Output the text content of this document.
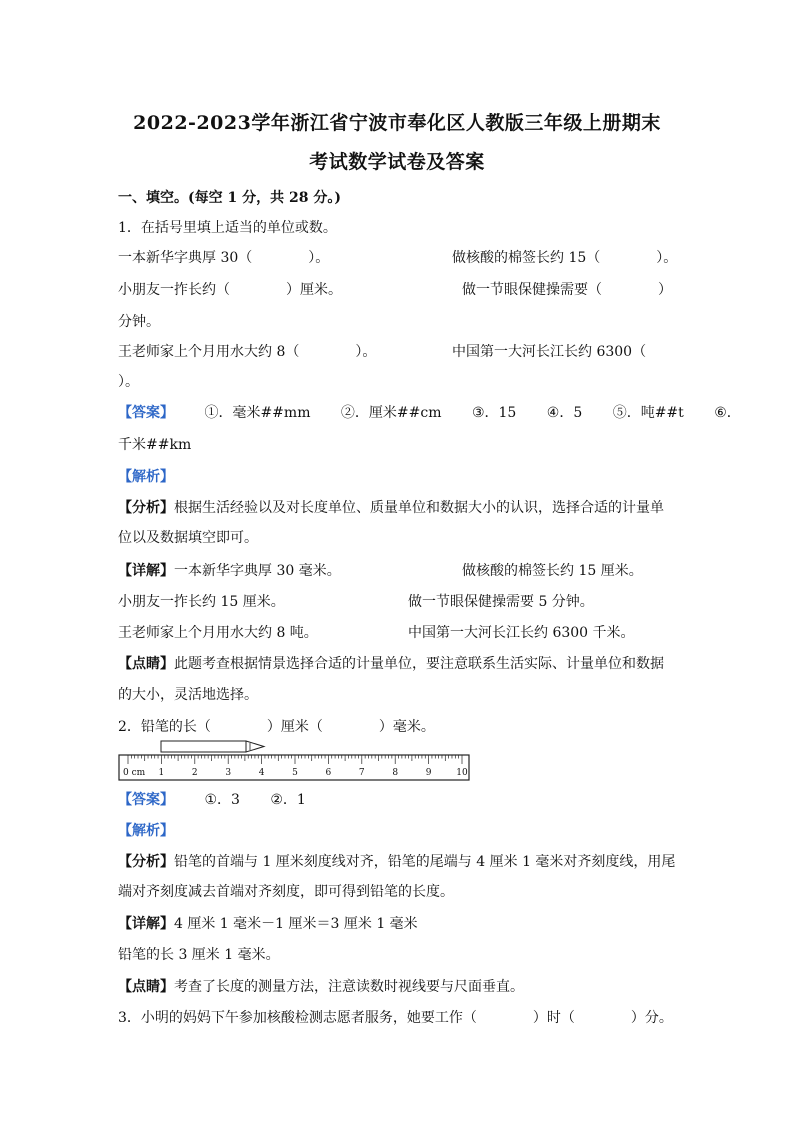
2022-2023学年浙江省宁波市奉化区人教版三年级上册期末
考试数学试卷及答案
一、填空。(每空 1 分，共 28 分。)
1．在括号里填上适当的单位或数。
一本新华字典厚 30（　　　　）。	做核酸的棉签长约 15（　　　　）。
小朋友一拃长约（　　　　）厘米。	做一节眼保健操需要（　　　　）
分钟。
王老师家上个月用水大约 8（　　　　）。	中国第一大河长江长约 6300（
）。
【答案】 ①．毫米##mm ②．厘米##cm ③．15 ④．5 ⑤．吨##t ⑥．
千米##km
【解析】
【分析】根据生活经验以及对长度单位、质量单位和数据大小的认识，选择合适的计量单
位以及数据填空即可。
【详解】一本新华字典厚 30 毫米。	做核酸的棉签长约 15 厘米。
小朋友一拃长约 15 厘米。	做一节眼保健操需要 5 分钟。
王老师家上个月用水大约 8 吨。	中国第一大河长江长约 6300 千米。
【点睛】此题考查根据情景选择合适的计量单位，要注意联系生活实际、计量单位和数据
的大小，灵活地选择。
2．铅笔的长（　　　　）厘米（　　　　）毫米。
0 cm 1	2	3	4	5	6	7	8	9	10
【答案】 ①．3 ②．1
【解析】
【分析】铅笔的首端与 1 厘米刻度线对齐，铅笔的尾端与 4 厘米 1 毫米对齐刻度线，用尾
端对齐刻度减去首端对齐刻度，即可得到铅笔的长度。
【详解】4 厘米 1 毫米－1 厘米＝3 厘米 1 毫米
铅笔的长 3 厘米 1 毫米。
【点睛】考查了长度的测量方法，注意读数时视线要与尺面垂直。
3．小明的妈妈下午参加核酸检测志愿者服务，她要工作（　　　　）时（　　　　）分。
